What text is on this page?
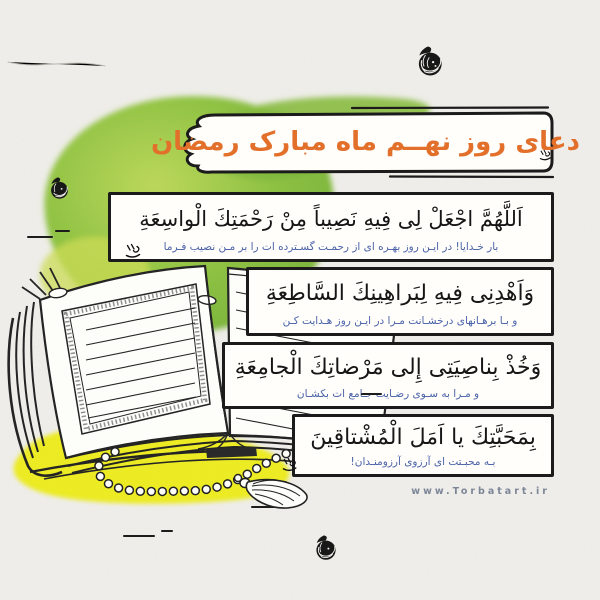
دعای روز نهــم ماه مبارک رمضان
اَللَّهُمَّ اجْعَلْ لِی فِیهِ نَصِیباً مِنْ رَحْمَتِكَ الْواسِعَةِ
بار خـدایا! در ایـن روز بهـره ای از رحمـت گسـترده ات را بر مـن نصیب فـرما
وَاَهْدِنِی فِیهِ لِبَراهِینِكَ السَّاطِعَةِ
و بـا برهـانهای درخشـانت مـرا در ایـن روز هـدایت کـن
وَخُذْ بِناصِیَتِی إِلی مَرْضاتِكَ الْجامِعَةِ
و مـرا به سـوی رضـایت جـامع ات بکشـان
بِمَحَبَّتِكَ یا اَمَلَ الْمُشْتاقِینَ
بـه محبـتت ای آرزوی آرزومنـدان!
www.Torbatart.ir
